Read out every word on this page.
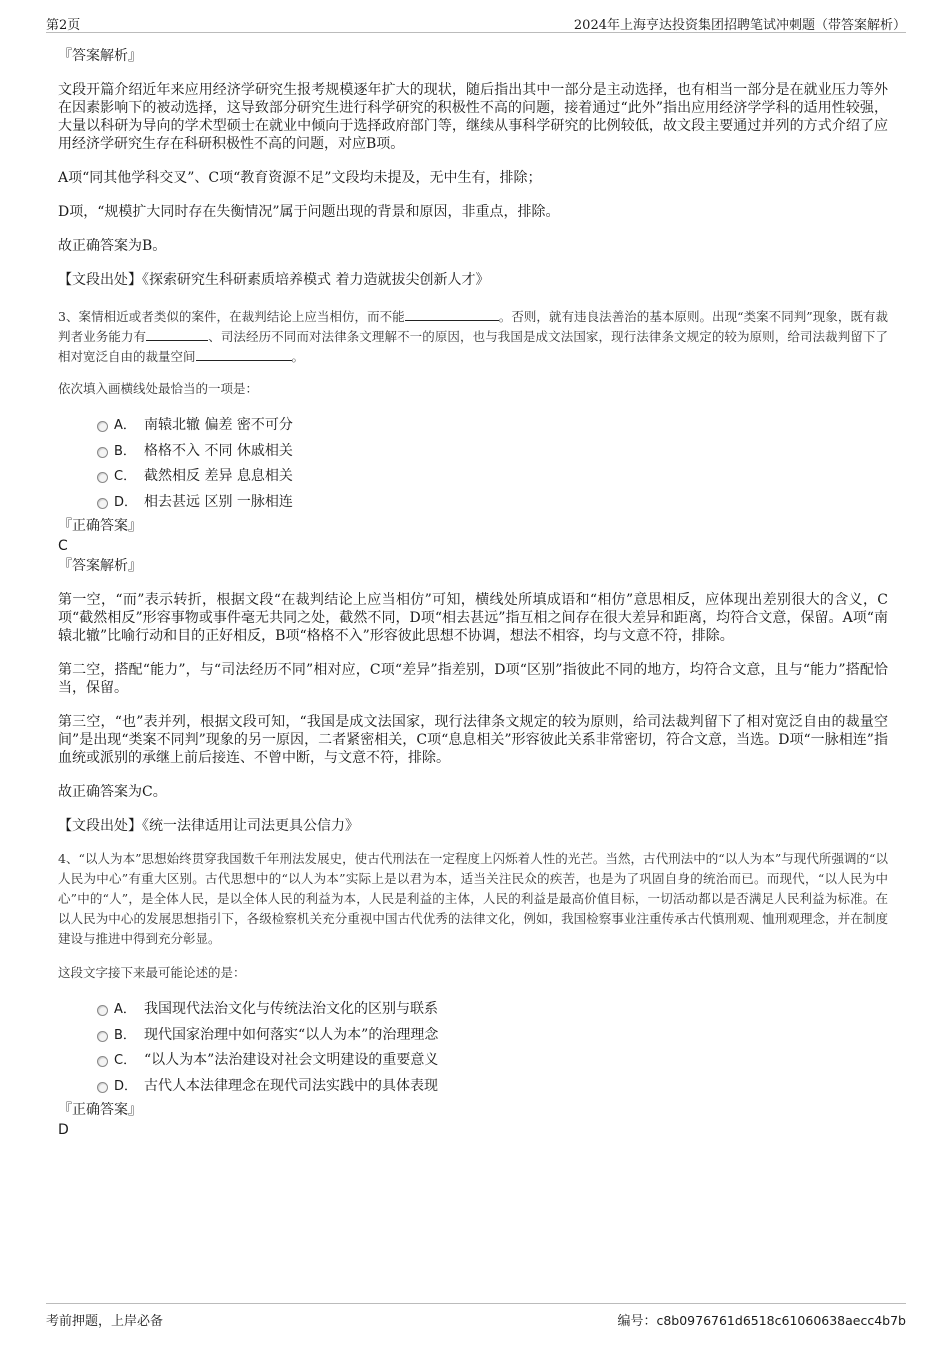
第2页	2024年上海亨达投资集团招聘笔试冲刺题（带答案解析）

『答案解析』

文段开篇介绍近年来应用经济学研究生报考规模逐年扩大的现状，随后指出其中一部分是主动选择，也有相当一部分是在就业压力等外在因素影响下的被动选择，这导致部分研究生进行科学研究的积极性不高的问题，接着通过“此外”指出应用经济学学科的适用性较强，大量以科研为导向的学术型硕士在就业中倾向于选择政府部门等，继续从事科学研究的比例较低，故文段主要通过并列的方式介绍了应用经济学研究生存在科研积极性不高的问题，对应B项。

A项“同其他学科交叉”、C项“教育资源不足”文段均未提及，无中生有，排除；

D项，“规模扩大同时存在失衡情况”属于问题出现的背景和原因，非重点，排除。

故正确答案为B。

【文段出处】《探索研究生科研素质培养模式 着力造就拔尖创新人才》

3、案情相近或者类似的案件，在裁判结论上应当相仿，而不能	。否则，就有违良法善治的基本原则。出现“类案不同判”现象，既有裁判者业务能力有	、司法经历不同而对法律条文理解不一的原因，也与我国是成文法国家，现行法律条文规定的较为原则，给司法裁判留下了相对宽泛自由的裁量空间	。

依次填入画横线处最恰当的一项是：

A． 南辕北辙 偏差 密不可分
B． 格格不入 不同 休戚相关
C． 截然相反 差异 息息相关
D． 相去甚远 区别 一脉相连

『正确答案』

C

『答案解析』

第一空，“而”表示转折，根据文段“在裁判结论上应当相仿”可知，横线处所填成语和“相仿”意思相反，应体现出差别很大的含义，C项“截然相反”形容事物或事件毫无共同之处，截然不同，D项“相去甚远”指互相之间存在很大差异和距离，均符合文意，保留。A项“南辕北辙”比喻行动和目的正好相反，B项“格格不入”形容彼此思想不协调，想法不相容，均与文意不符，排除。

第二空，搭配“能力”，与“司法经历不同”相对应，C项“差异”指差别，D项“区别”指彼此不同的地方，均符合文意，且与“能力”搭配恰当，保留。

第三空，“也”表并列，根据文段可知，“我国是成文法国家，现行法律条文规定的较为原则，给司法裁判留下了相对宽泛自由的裁量空间”是出现“类案不同判”现象的另一原因，二者紧密相关，C项“息息相关”形容彼此关系非常密切，符合文意，当选。D项“一脉相连”指血统或派别的承继上前后接连、不曾中断，与文意不符，排除。

故正确答案为C。

【文段出处】《统一法律适用让司法更具公信力》

4、“以人为本”思想始终贯穿我国数千年刑法发展史，使古代刑法在一定程度上闪烁着人性的光芒。当然，古代刑法中的“以人为本”与现代所强调的“以人民为中心”有重大区别。古代思想中的“以人为本”实际上是以君为本，适当关注民众的疾苦，也是为了巩固自身的统治而已。而现代，“以人民为中心”中的“人”，是全体人民，是以全体人民的利益为本，人民是利益的主体，人民的利益是最高价值目标，一切活动都以是否满足人民利益为标准。在以人民为中心的发展思想指引下，各级检察机关充分重视中国古代优秀的法律文化，例如，我国检察事业注重传承古代慎刑观、恤刑观理念，并在制度建设与推进中得到充分彰显。

这段文字接下来最可能论述的是：

A． 我国现代法治文化与传统法治文化的区别与联系
B． 现代国家治理中如何落实“以人为本”的治理理念
C． “以人为本”法治建设对社会文明建设的重要意义
D． 古代人本法律理念在现代司法实践中的具体表现

『正确答案』

D

考前押题，上岸必备	编号：c8b0976761d6518c61060638aecc4b7b
